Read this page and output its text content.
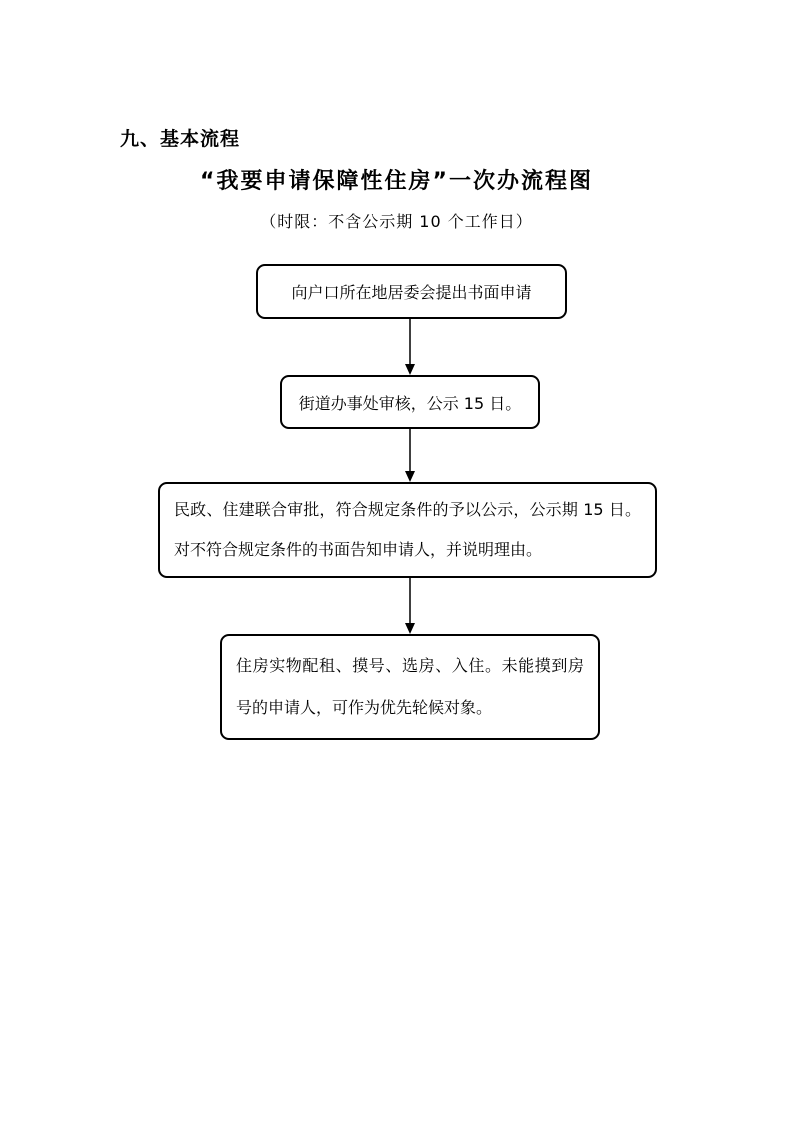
九、基本流程
“我要申请保障性住房”一次办流程图
（时限：不含公示期 10 个工作日）
向户口所在地居委会提出书面申请
街道办事处审核，公示 15 日。
民政、住建联合审批，符合规定条件的予以公示，公示期 15 日。对不符合规定条件的书面告知申请人，并说明理由。
住房实物配租、摸号、选房、入住。未能摸到房号的申请人，可作为优先轮候对象。
